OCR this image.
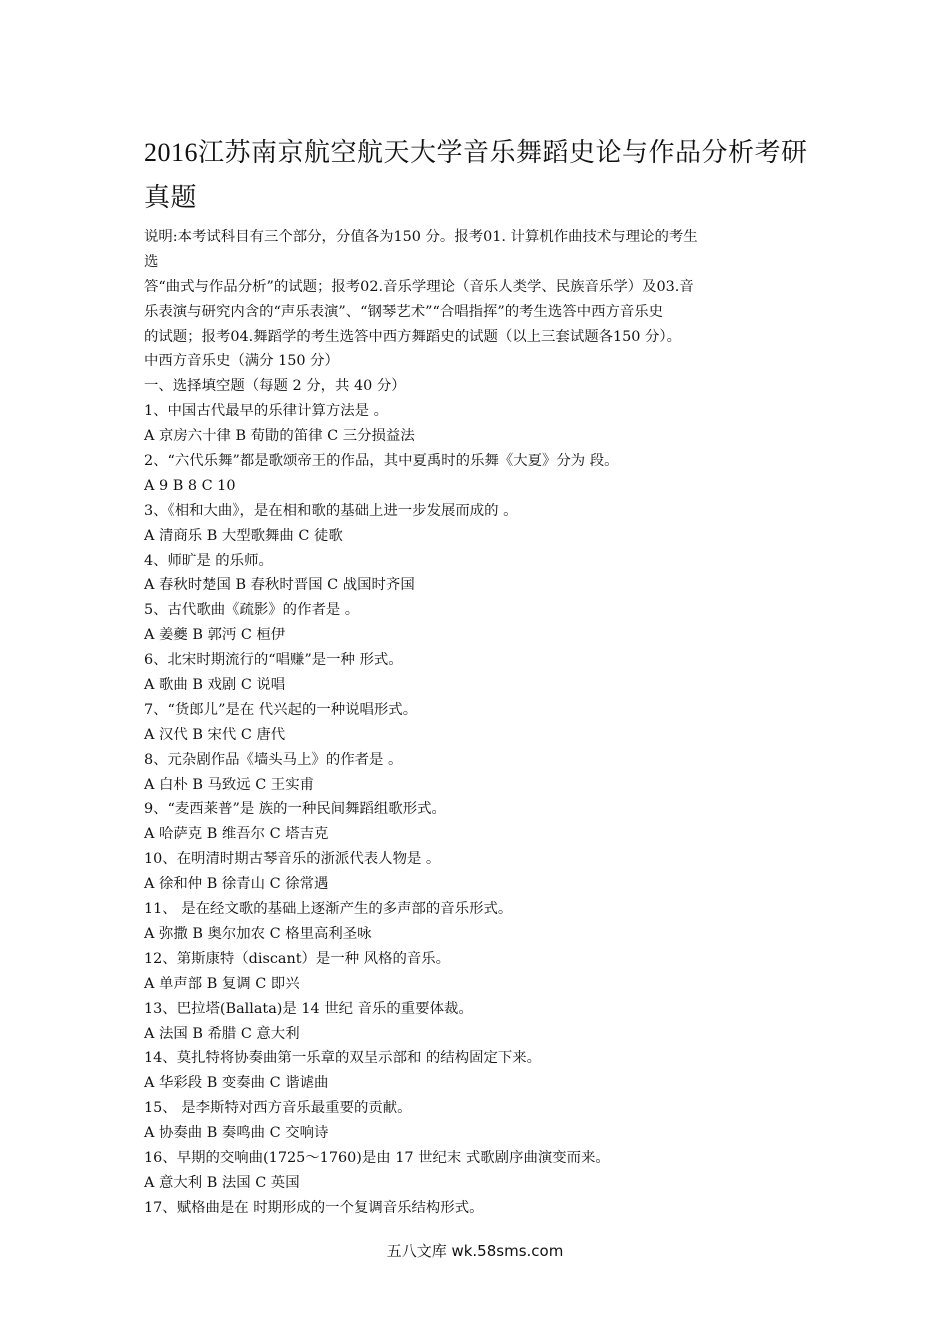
2016江苏南京航空航天大学音乐舞蹈史论与作品分析考研
真题
说明:本考试科目有三个部分，分值各为150 分。报考01. 计算机作曲技术与理论的考生
选
答“曲式与作品分析”的试题；报考02.音乐学理论（音乐人类学、民族音乐学）及03.音
乐表演与研究内含的“声乐表演”、“钢琴艺术”“合唱指挥”的考生选答中西方音乐史
的试题；报考04.舞蹈学的考生选答中西方舞蹈史的试题（以上三套试题各150 分）。
中西方音乐史（满分 150 分）
一、选择填空题（每题 2 分，共 40 分）
1、中国古代最早的乐律计算方法是 。
A 京房六十律 B 荀勖的笛律 C 三分损益法
2、“六代乐舞”都是歌颂帝王的作品，其中夏禹时的乐舞《大夏》分为 段。
A 9 B 8 C 10
3、《相和大曲》，是在相和歌的基础上进一步发展而成的 。
A 清商乐 B 大型歌舞曲 C 徒歌
4、师旷是 的乐师。
A 春秋时楚国 B 春秋时晋国 C 战国时齐国
5、古代歌曲《疏影》的作者是 。
A 姜夔 B 郭沔 C 桓伊
6、北宋时期流行的“唱赚”是一种 形式。
A 歌曲 B 戏剧 C 说唱
7、“货郎儿”是在 代兴起的一种说唱形式。
A 汉代 B 宋代 C 唐代
8、元杂剧作品《墙头马上》的作者是 。
A 白朴 B 马致远 C 王实甫
9、“麦西莱普”是 族的一种民间舞蹈组歌形式。
A 哈萨克 B 维吾尔 C 塔吉克
10、在明清时期古琴音乐的浙派代表人物是 。
A 徐和仲 B 徐青山 C 徐常遇
11、 是在经文歌的基础上逐渐产生的多声部的音乐形式。
A 弥撒 B 奥尔加农 C 格里高利圣咏
12、第斯康特（discant）是一种 风格的音乐。
A 单声部 B 复调 C 即兴
13、巴拉塔(Ballata)是 14 世纪 音乐的重要体裁。
A 法国 B 希腊 C 意大利
14、莫扎特将协奏曲第一乐章的双呈示部和 的结构固定下来。
A 华彩段 B 变奏曲 C 谐谑曲
15、 是李斯特对西方音乐最重要的贡献。
A 协奏曲 B 奏鸣曲 C 交响诗
16、早期的交响曲(1725～1760)是由 17 世纪末 式歌剧序曲演变而来。
A 意大利 B 法国 C 英国
17、赋格曲是在 时期形成的一个复调音乐结构形式。
五八文库 wk.58sms.com
